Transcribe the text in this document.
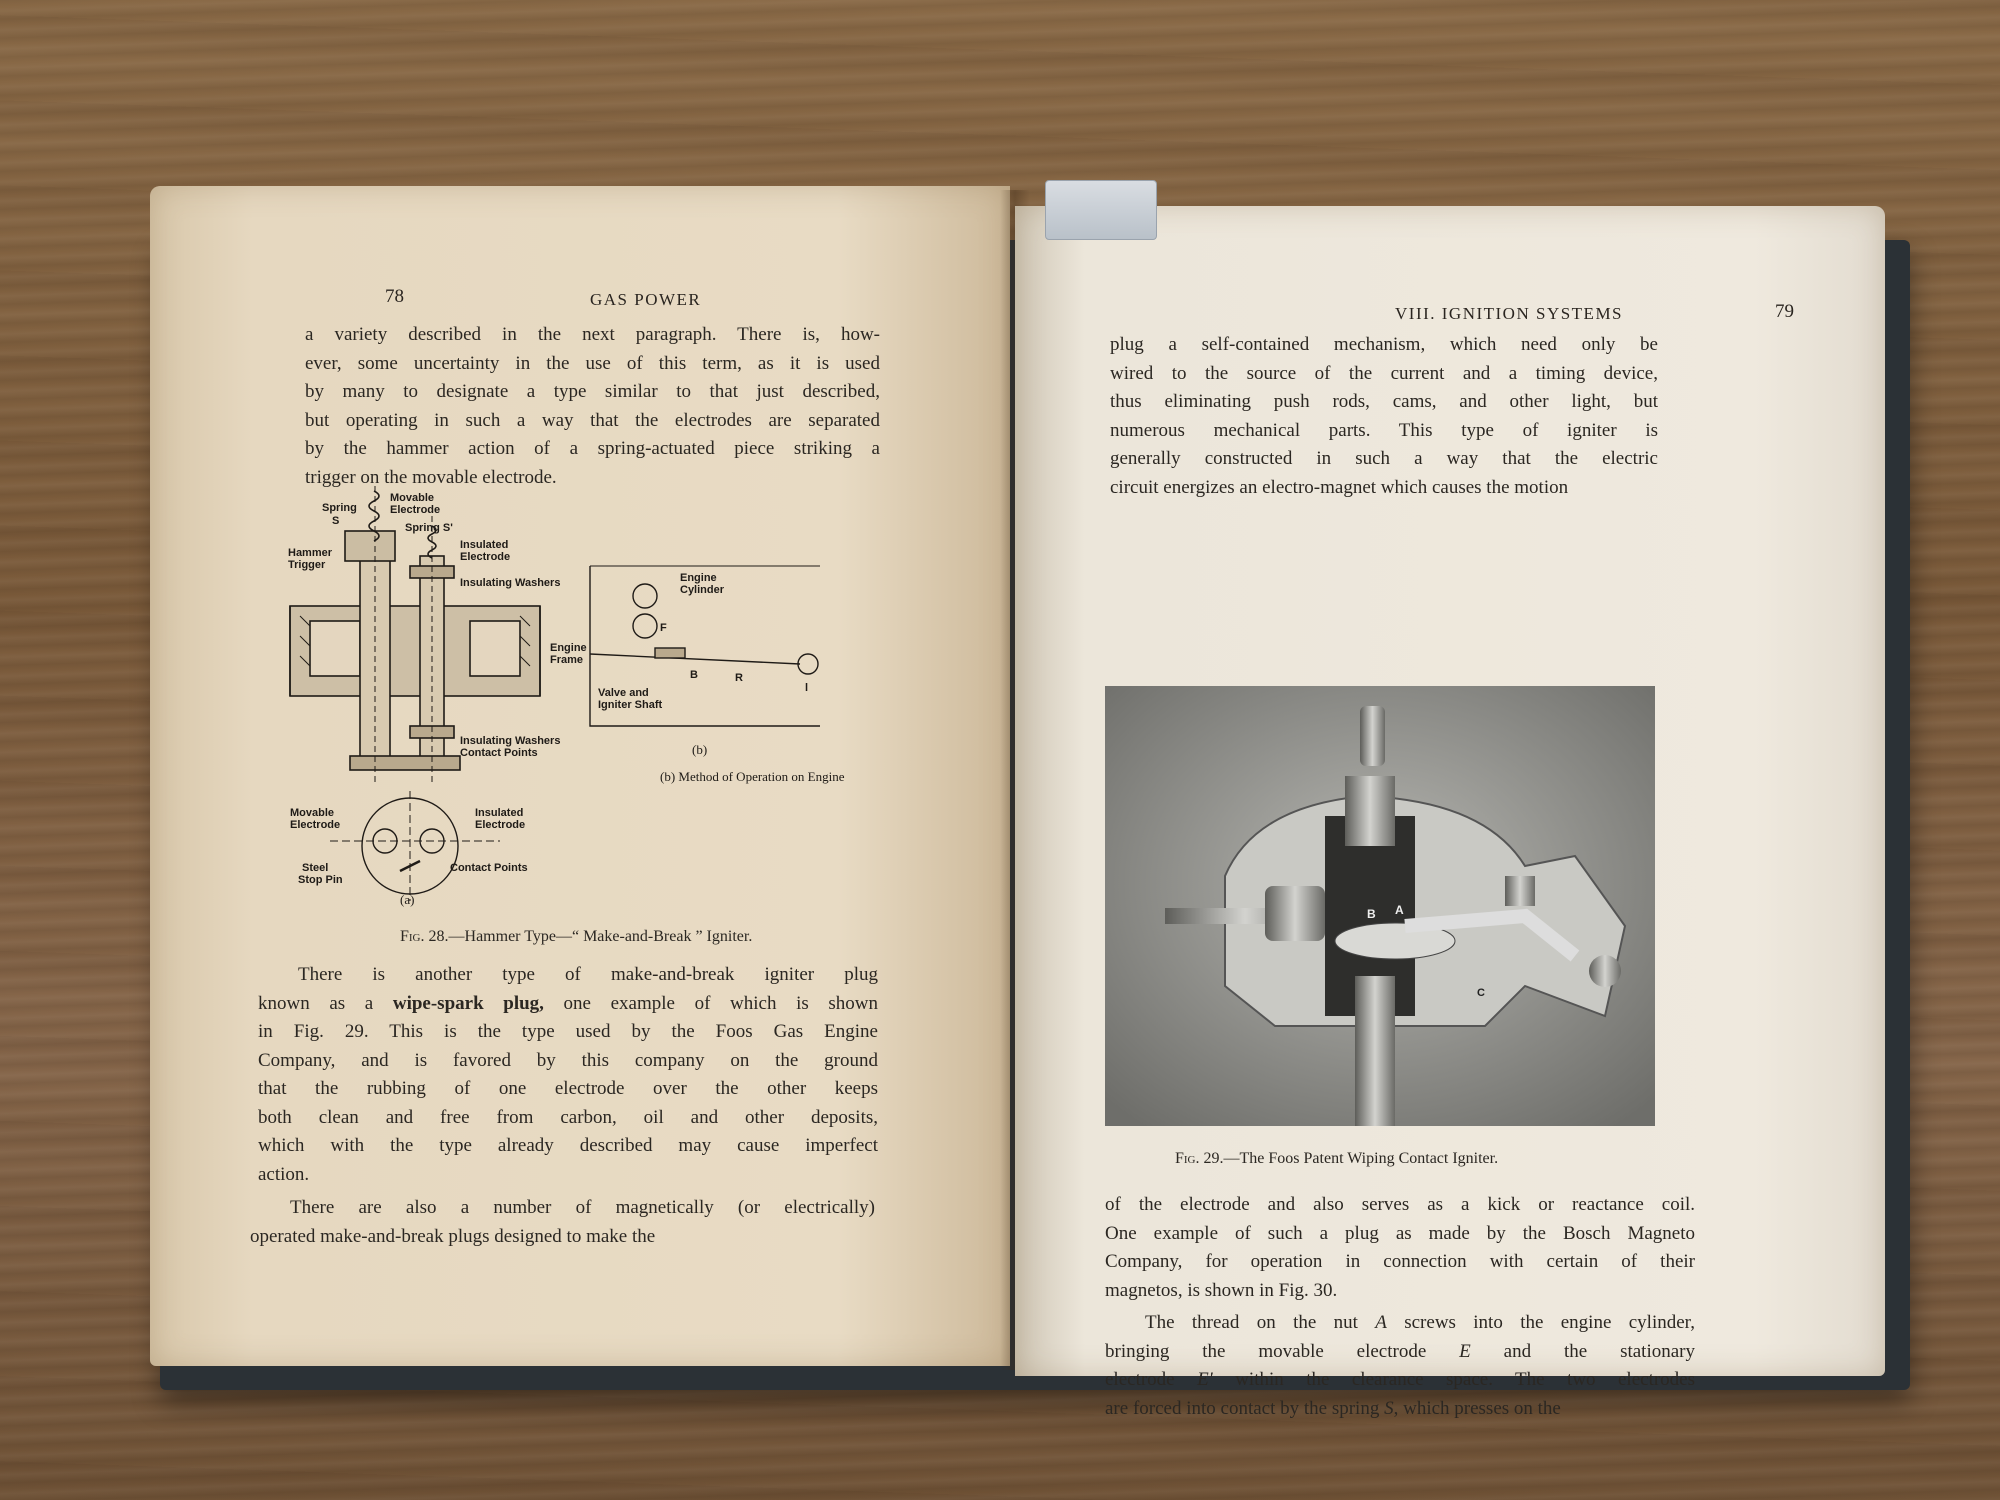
78	GAS POWER
a variety described in the next paragraph. There is, how-
ever, some uncertainty in the use of this term, as it is used
by many to designate a type similar to that just described,
but operating in such a way that the electrodes are separated
by the hammer action of a spring-actuated piece striking a
trigger on the movable electrode.
Movable
Electrode
Spring
S
Spring S'
Hammer
Trigger
Insulated
Electrode
Insulating Washers
Engine
Frame
Insulating Washers
Contact Points
Engine
Cylinder
F
B	R
l
Valve and
Igniter Shaft
(b)
(b) Method of Operation on Engine
Movable
Electrode
Insulated
Electrode
Steel
Stop Pin
Contact Points
(a)
Fig. 28.—Hammer Type—“ Make-and-Break ” Igniter.
There is another type of make-and-break igniter plug
known as a wipe-spark plug, one example of which is shown
in Fig. 29. This is the type used by the Foos Gas Engine
Company, and is favored by this company on the ground
that the rubbing of one electrode over the other keeps
both clean and free from carbon, oil and other deposits,
which with the type already described may cause imperfect
action.
There are also a number of magnetically (or electrically)
operated make-and-break plugs designed to make the
VIII. IGNITION SYSTEMS	79
plug a self-contained mechanism, which need only be
wired to the source of the current and a timing device,
thus eliminating push rods, cams, and other light, but
numerous mechanical parts. This type of igniter is
generally constructed in such a way that the electric
circuit energizes an electro-magnet which causes the motion
B A
C
Fig. 29.—The Foos Patent Wiping Contact Igniter.
of the electrode and also serves as a kick or reactance coil.
One example of such a plug as made by the Bosch Magneto
Company, for operation in connection with certain of their
magnetos, is shown in Fig. 30.
The thread on the nut A screws into the engine cylinder,
bringing the movable electrode E and the stationary
electrode E' within the clearance space. The two electrodes
are forced into contact by the spring S, which presses on the
